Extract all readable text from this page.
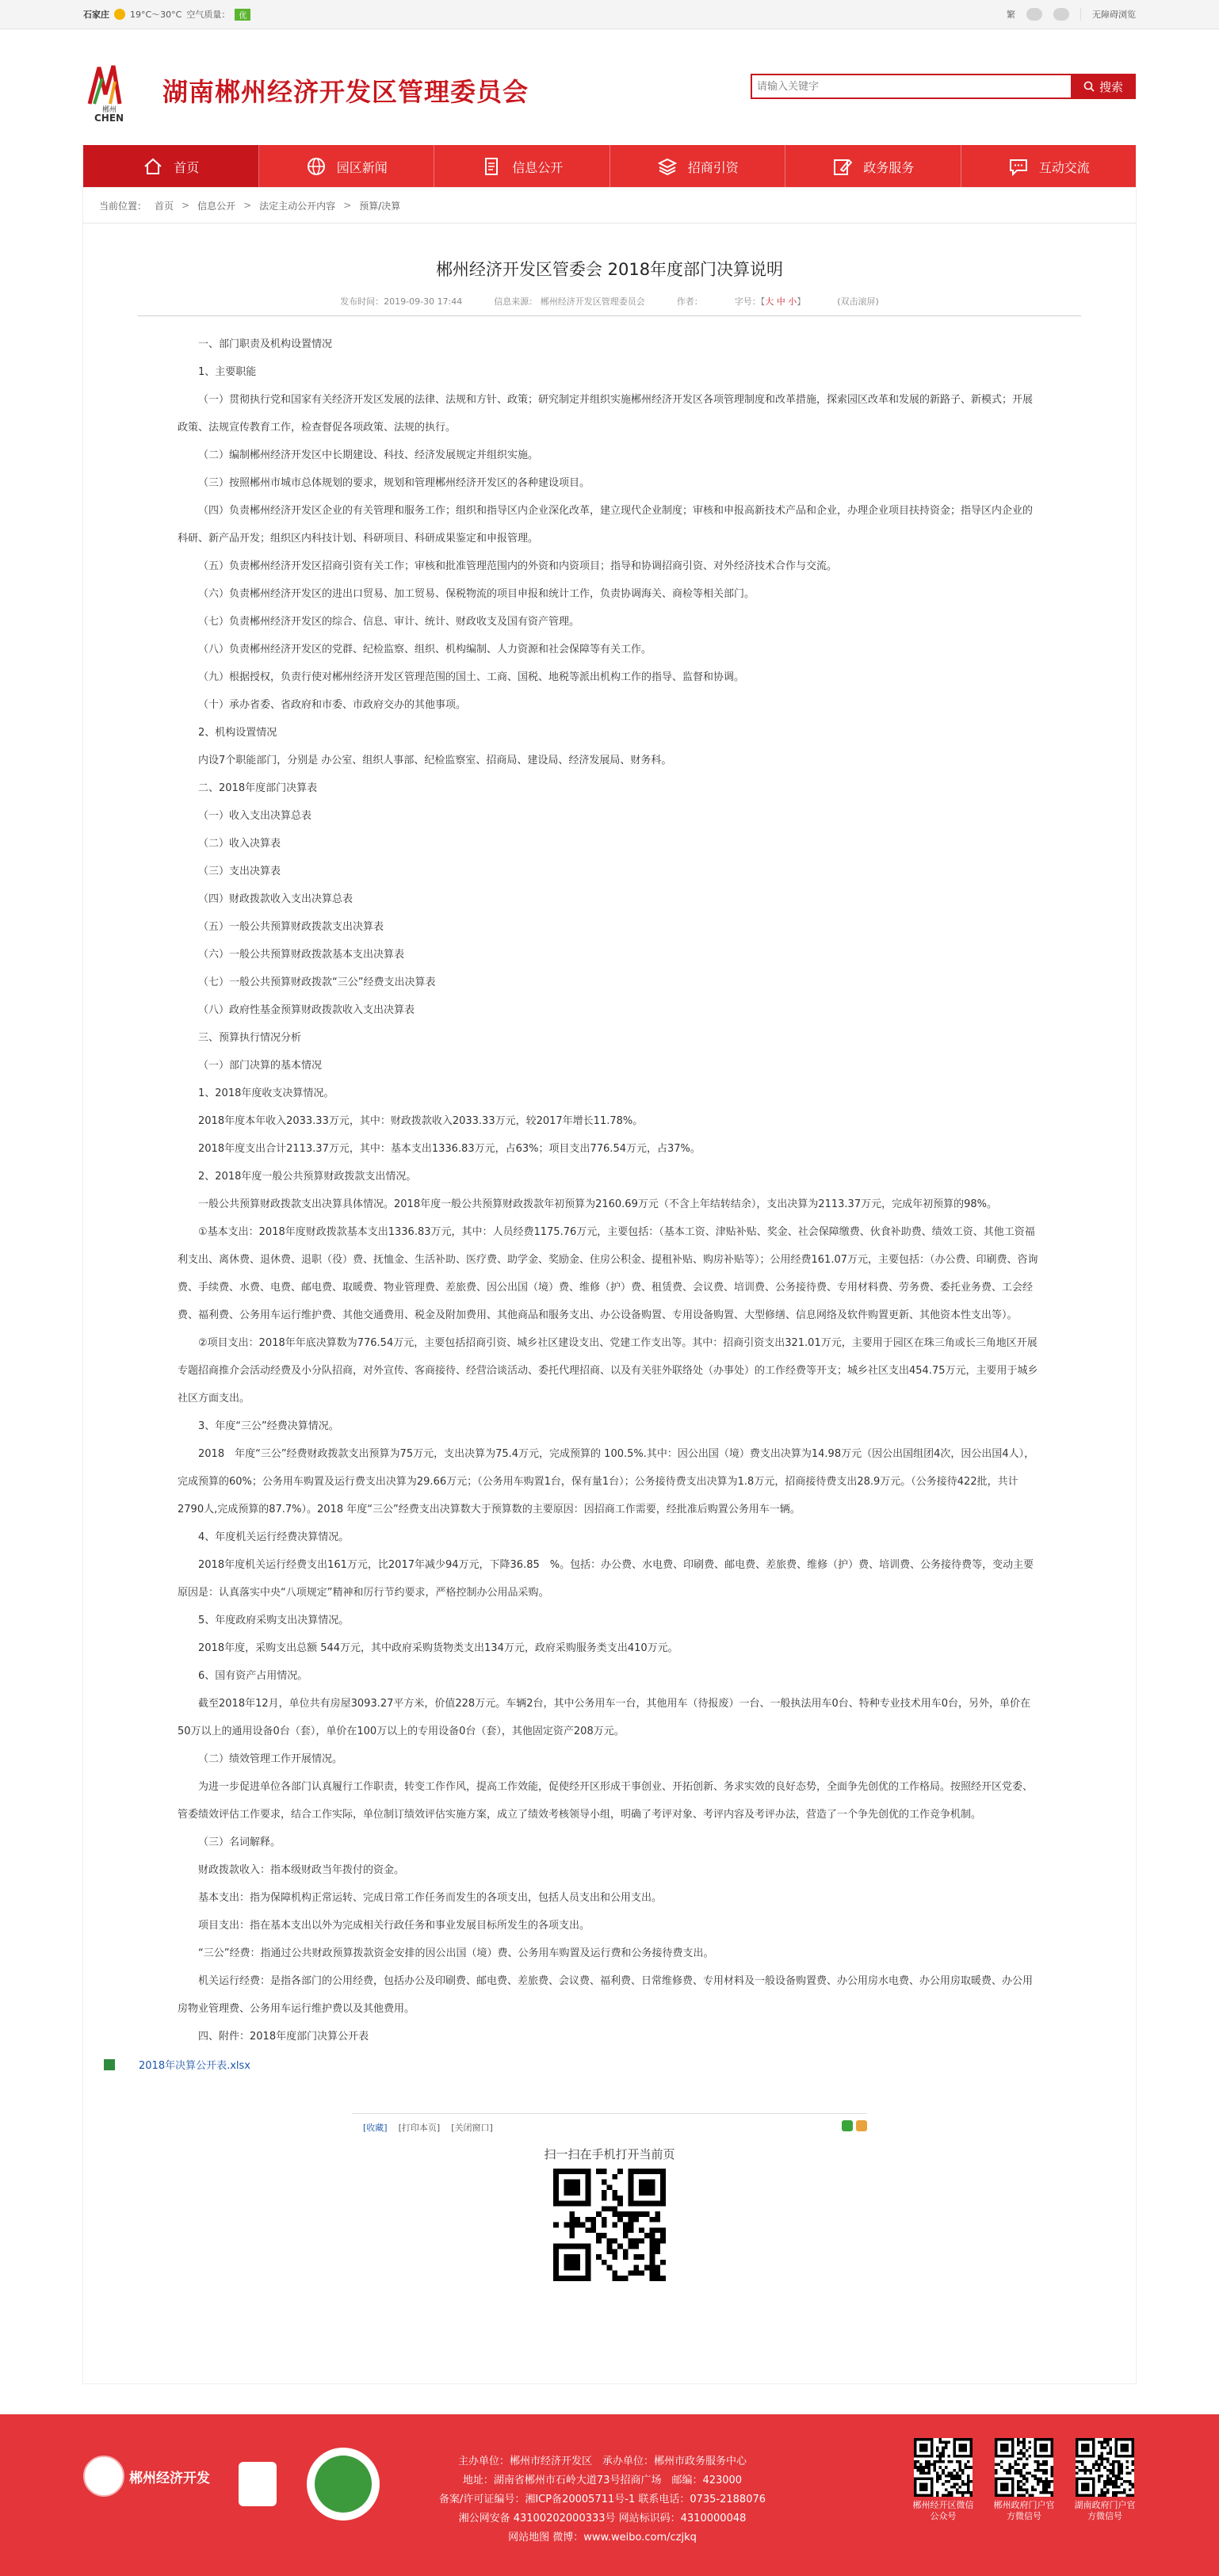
石家庄 19°C～30°C 空气质量：	优	繁	无障碍浏览
郴州
CHEN
湖南郴州经济开发区管理委员会
请输入关键字	搜索
首页	园区新闻	信息公开	招商引资	政务服务	互动交流
当前位置： 首页 > 信息公开 > 法定主动公开内容 > 预算/决算
郴州经济开发区管委会 2018年度部门决算说明
发布时间：2019-09-30 17:44	信息来源： 郴州经济开发区管理委员会	作者：	字号：【大 中 小】	(双击滚屏)

一、部门职责及机构设置情况

1、主要职能

（一）贯彻执行党和国家有关经济开发区发展的法律、法规和方针、政策；研究制定并组织实施郴州经济开发区各项管理制度和改革措施，探索园区改革和发展的新路子、新模式；开展政策、法规宣传教育工作，检查督促各项政策、法规的执行。

（二）编制郴州经济开发区中长期建设、科技、经济发展规定并组织实施。

（三）按照郴州市城市总体规划的要求，规划和管理郴州经济开发区的各种建设项目。

（四）负责郴州经济开发区企业的有关管理和服务工作；组织和指导区内企业深化改革，建立现代企业制度；审核和申报高新技术产品和企业，办理企业项目扶持资金；指导区内企业的科研、新产品开发；组织区内科技计划、科研项目、科研成果鉴定和申报管理。

（五）负责郴州经济开发区招商引资有关工作；审核和批准管理范围内的外资和内资项目；指导和协调招商引资、对外经济技术合作与交流。

（六）负责郴州经济开发区的进出口贸易、加工贸易、保税物流的项目申报和统计工作，负责协调海关、商检等相关部门。

（七）负责郴州经济开发区的综合、信息、审计、统计、财政收支及国有资产管理。

（八）负责郴州经济开发区的党群、纪检监察、组织、机构编制、人力资源和社会保障等有关工作。

（九）根据授权，负责行使对郴州经济开发区管理范围的国土、工商、国税、地税等派出机构工作的指导、监督和协调。

（十）承办省委、省政府和市委、市政府交办的其他事项。

2、机构设置情况

内设7个职能部门，分别是 办公室、组织人事部、纪检监察室、招商局、建设局、经济发展局、财务科。

二、2018年度部门决算表

（一）收入支出决算总表

（二）收入决算表

（三）支出决算表

（四）财政拨款收入支出决算总表

（五）一般公共预算财政拨款支出决算表

（六）一般公共预算财政拨款基本支出决算表

（七）一般公共预算财政拨款“三公”经费支出决算表

（八）政府性基金预算财政拨款收入支出决算表

三、预算执行情况分析

（一）部门决算的基本情况

1、2018年度收支决算情况。

2018年度本年收入2033.33万元，其中：财政拨款收入2033.33万元，较2017年增长11.78%。

2018年度支出合计2113.37万元，其中：基本支出1336.83万元，占63%；项目支出776.54万元，占37%。

2、2018年度一般公共预算财政拨款支出情况。

一般公共预算财政拨款支出决算具体情况。2018年度一般公共预算财政拨款年初预算为2160.69万元（不含上年结转结余），支出决算为2113.37万元，完成年初预算的98%。

①基本支出：2018年度财政拨款基本支出1336.83万元，其中：人员经费1175.76万元，主要包括：（基本工资、津贴补贴、奖金、社会保障缴费、伙食补助费、绩效工资、其他工资福利支出、离休费、退休费、退职（役）费、抚恤金、生活补助、医疗费、助学金、奖励金、住房公积金、提租补贴、购房补贴等）；公用经费161.07万元，主要包括：（办公费、印刷费、咨询费、手续费、水费、电费、邮电费、取暖费、物业管理费、差旅费、因公出国（境）费、维修（护）费、租赁费、会议费、培训费、公务接待费、专用材料费、劳务费、委托业务费、工会经费、福利费、公务用车运行维护费、其他交通费用、税金及附加费用、其他商品和服务支出、办公设备购置、专用设备购置、大型修缮、信息网络及软件购置更新、其他资本性支出等）。

②项目支出：2018年年底决算数为776.54万元，主要包括招商引资、城乡社区建设支出、党建工作支出等。其中：招商引资支出321.01万元，主要用于园区在珠三角或长三角地区开展专题招商推介会活动经费及小分队招商，对外宣传、客商接待、经营洽谈活动、委托代理招商、以及有关驻外联络处（办事处）的工作经费等开支；城乡社区支出454.75万元，主要用于城乡社区方面支出。

3、年度“三公”经费决算情况。

2018　年度“三公”经费财政拨款支出预算为75万元，支出决算为75.4万元，完成预算的 100.5%.其中：因公出国（境）费支出决算为14.98万元（因公出国组团4次，因公出国4人），完成预算的60%；公务用车购置及运行费支出决算为29.66万元；（公务用车购置1台，保有量1台）；公务接待费支出决算为1.8万元，招商接待费支出28.9万元。（公务接待422批，共计2790人,完成预算的87.7%）。2018 年度“三公”经费支出决算数大于预算数的主要原因：因招商工作需要，经批准后购置公务用车一辆。

4、年度机关运行经费决算情况。

2018年度机关运行经费支出161万元，比2017年减少94万元，下降36.85　%。包括：办公费、水电费、印刷费、邮电费、差旅费、维修（护）费、培训费、公务接待费等，变动主要原因是：认真落实中央“八项规定”精神和厉行节约要求，严格控制办公用品采购。

5、年度政府采购支出决算情况。

2018年度，采购支出总额 544万元，其中政府采购货物类支出134万元，政府采购服务类支出410万元。

6、国有资产占用情况。

截至2018年12月，单位共有房屋3093.27平方米，价值228万元。车辆2台，其中公务用车一台，其他用车（待报废）一台、一般执法用车0台、特种专业技术用车0台，另外，单价在50万以上的通用设备0台（套），单价在100万以上的专用设备0台（套），其他固定资产208万元。

（二）绩效管理工作开展情况。

为进一步促进单位各部门认真履行工作职责，转变工作作风，提高工作效能，促使经开区形成干事创业、开拓创新、务求实效的良好态势，全面争先创优的工作格局。按照经开区党委、管委绩效评估工作要求，结合工作实际，单位制订绩效评估实施方案，成立了绩效考核领导小组，明确了考评对象、考评内容及考评办法，营造了一个争先创优的工作竞争机制。

（三）名词解释。

财政拨款收入：指本级财政当年拨付的资金。

基本支出：指为保障机构正常运转、完成日常工作任务而发生的各项支出，包括人员支出和公用支出。

项目支出：指在基本支出以外为完成相关行政任务和事业发展目标所发生的各项支出。

“三公”经费：指通过公共财政预算拨款资金安排的因公出国（境）费、公务用车购置及运行费和公务接待费支出。

机关运行经费：是指各部门的公用经费，包括办公及印刷费、邮电费、差旅费、会议费、福利费、日常维修费、专用材料及一般设备购置费、办公用房水电费、办公用房取暖费、办公用房物业管理费、公务用车运行维护费以及其他费用。

四、附件：2018年度部门决算公开表

2018年决算公开表.xlsx
[收藏] [打印本页] [关闭窗口]
扫一扫在手机打开当前页
郴州经济开发
主办单位：郴州市经济开发区　承办单位：郴州市政务服务中心
地址：湖南省郴州市石岭大道73号招商广场　邮编：423000
备案/许可证编号：湘ICP备20005711号-1 联系电话：0735-2188076
湘公网安备 43100202000333号 网站标识码：4310000048
网站地图 微博：www.weibo.com/czjkq
郴州经开区微信公众号
郴州政府门户官方微信号
湖南政府门户官方微信号
